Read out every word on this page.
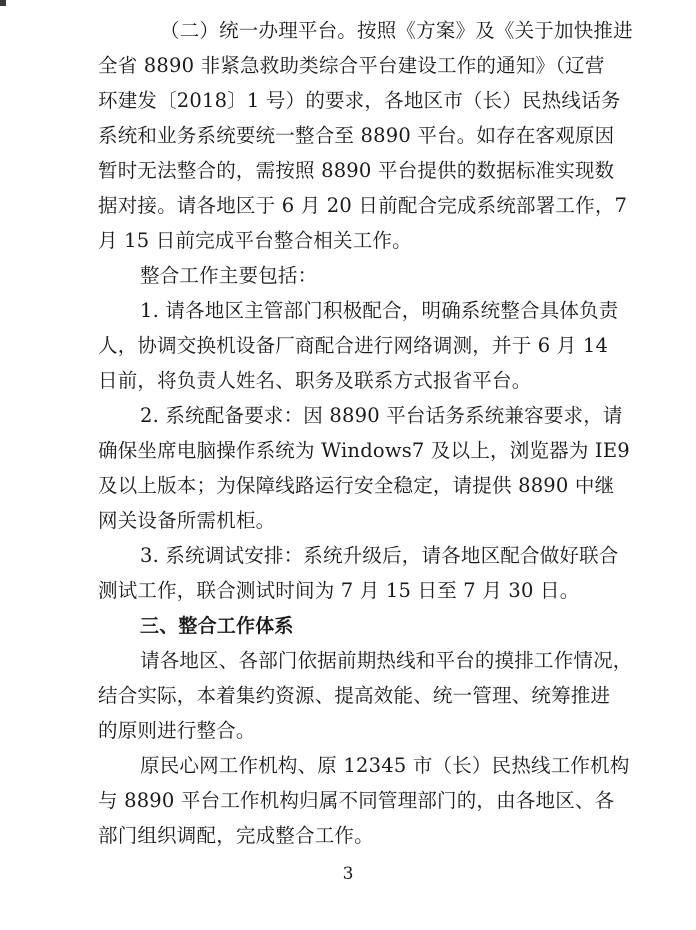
（二）统一办理平台。按照《方案》及《关于加快推进
全省 8890 非紧急救助类综合平台建设工作的通知》（辽营
环建发〔2018〕1 号）的要求，各地区市（长）民热线话务
系统和业务系统要统一整合至 8890 平台。如存在客观原因
暂时无法整合的，需按照 8890 平台提供的数据标准实现数
据对接。请各地区于 6 月 20 日前配合完成系统部署工作，7
月 15 日前完成平台整合相关工作。
整合工作主要包括：
1. 请各地区主管部门积极配合，明确系统整合具体负责
人，协调交换机设备厂商配合进行网络调测，并于 6 月 14
日前，将负责人姓名、职务及联系方式报省平台。
2. 系统配备要求：因 8890 平台话务系统兼容要求，请
确保坐席电脑操作系统为 Windows7 及以上，浏览器为 IE9
及以上版本；为保障线路运行安全稳定，请提供 8890 中继
网关设备所需机柜。
3. 系统调试安排：系统升级后，请各地区配合做好联合
测试工作，联合测试时间为 7 月 15 日至 7 月 30 日。
三、整合工作体系
请各地区、各部门依据前期热线和平台的摸排工作情况，
结合实际，本着集约资源、提高效能、统一管理、统筹推进
的原则进行整合。
原民心网工作机构、原 12345 市（长）民热线工作机构
与 8890 平台工作机构归属不同管理部门的，由各地区、各
部门组织调配，完成整合工作。
3
